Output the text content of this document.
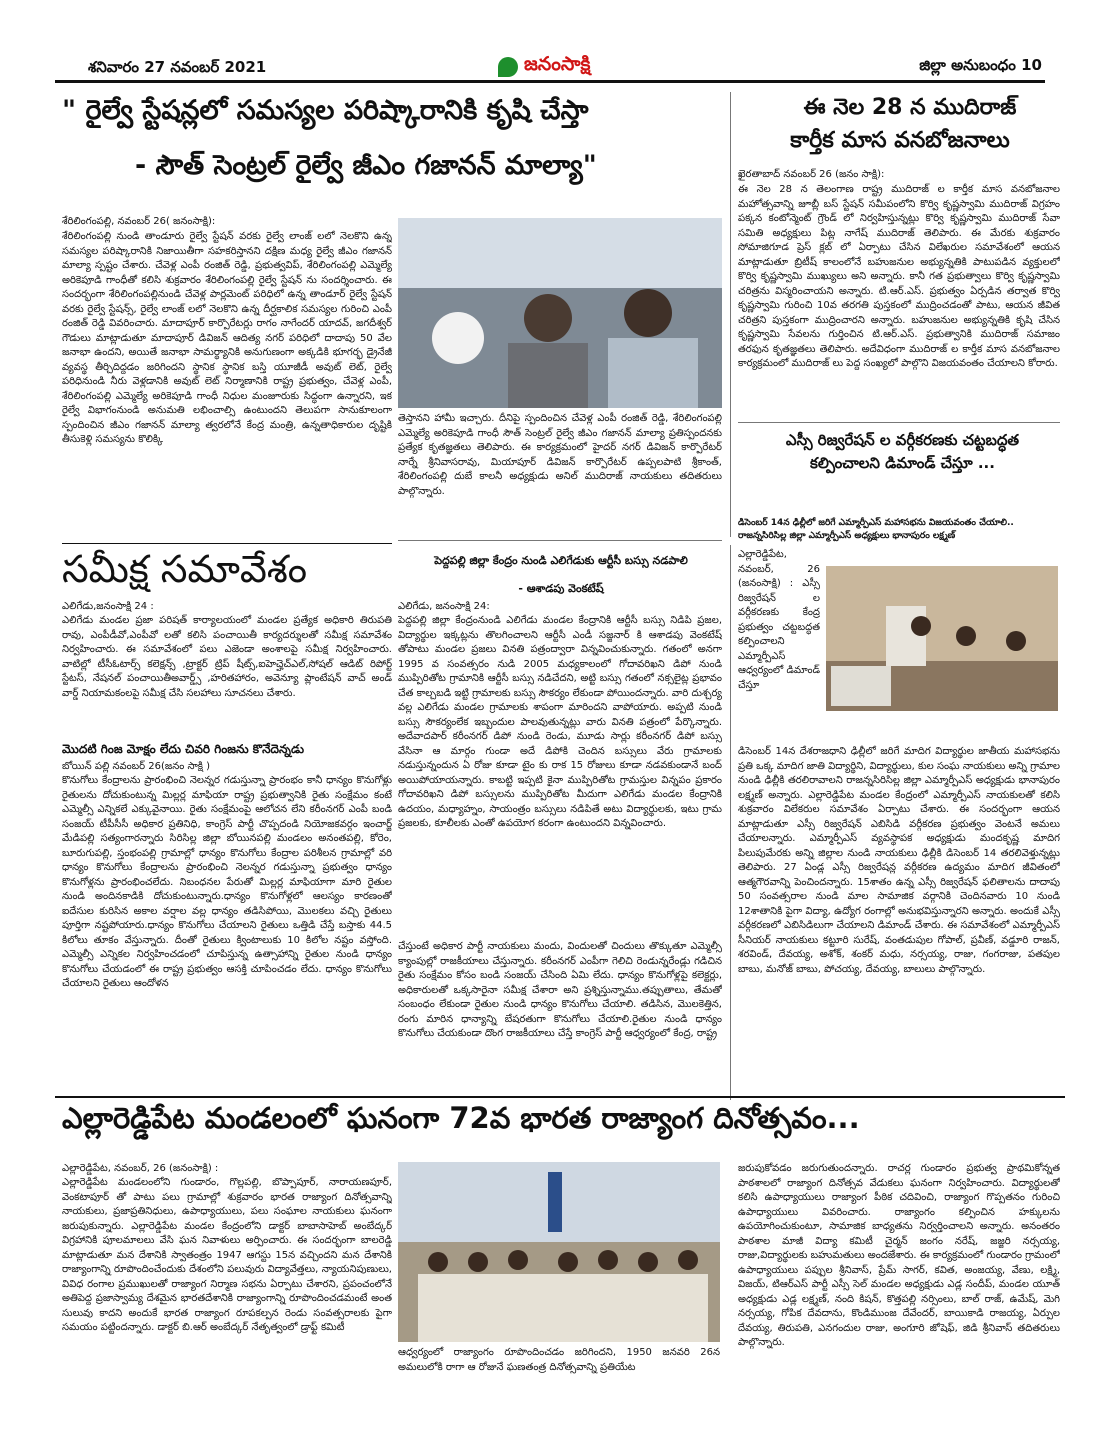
శనివారం 27 నవంబర్ 2021	జనంసాక్షి	జిల్లా అనుబంధం 10
" రైల్వే స్టేషన్లలో సమస్యల పరిష్కారానికి కృషి చేస్తా
- సౌత్ సెంట్రల్ రైల్వే జీఎం గజానన్ మాల్యా"
శేరిలింగంపల్లి, నవంబర్ 26( జనంసాక్షి):
శేరిలింగంపల్లి నుండి తాండూరు రైల్వే స్టేషన్ వరకు రైల్వే లాంజ్ లలో నెలకొని ఉన్న సమస్యల పరిష్కారానికి నిజాయితీగా సహకరిస్తానని దక్షిణ మధ్య రైల్వే జీఎం గజానన్ మాల్యా స్పష్టం చేశారు. చేవెళ్ల ఎంపీ రంజిత్ రెడ్డి, ప్రభుత్వవిప్, శేరిలింగంపల్లి ఎమ్మెల్యే అరికెపూడి గాంధీతో కలిసి శుక్రవారం శేరిలింగంపల్లి రైల్వే స్టేషన్ ను సందర్శించారు. ఈ సందర్భంగా శేరిలింగంపల్లినుండి చేవెళ్ల పార్లమెంట్ పరిధిలో ఉన్న తాండూర్ రైల్వే స్టేషన్ వరకు రైల్వే స్టేషన్స్, రైల్వే లాంజ్ లలో నెలకొని ఉన్న దీర్ఘకాలిక సమస్యల గురించి ఎంపీ రంజిత్ రెడ్డి వివరించారు. మాదాపూర్ కార్పొరేటర్లు రాగం నాగేందర్ యాదవ్, జగదీశ్వర్ గౌడులు మాట్లాడుతూ మాదాపూర్ డివిజన్ ఆదిత్య నగర్ పరిధిలో దాదాపు 50 వేల జనాభా ఉందని, అయితే జనాభా సామర్థ్యానికి అనుగుణంగా అక్కడికి భూగర్భ డ్రైనేజీ వ్యవస్థ తీర్చిదిద్దడం జరిగిందని స్థానిక స్థానిక బస్తి యూజీడీ అవుట్ లెట్, రైల్వే పరిధినుండి నీరు వెళ్లడానికి అవుట్ లెట్ నిర్మాణానికి రాష్ట్ర ప్రభుత్వం, చేవెళ్ల ఎంపీ, శేరిలింగంపల్లి ఎమ్మెల్యే అరికెపూడి గాంధీ నిధుల మంజూరుకు సిద్ధంగా ఉన్నారని, ఇక రైల్వే విభాగంనుండి అనుమతి లభించాల్సి ఉంటుందని తెలుపగా సానుకూలంగా స్పందించిన జీఎం గజానన్ మాల్యా త్వరలోనే కేంద్ర మంత్రి, ఉన్నతాధికారుల దృష్టికి తీసుకెళ్లి సమస్యను కొలిక్కి
తెస్తానని హామీ ఇచ్చారు. దీనిపై స్పందించిన చేవెళ్ల ఎంపీ రంజిత్ రెడ్డి, శేరిలింగంపల్లి ఎమ్మెల్యే అరికెపూడి గాంధీ సౌత్ సెంట్రల్ రైల్వే జీఎం గజానన్ మాల్యా ప్రతిస్పందనకు ప్రత్యేక కృతజ్ఞతలు తెలిపారు. ఈ కార్యక్రమంలో హైదర్ నగర్ డివిజన్ కార్పొరేటర్ నార్నే శ్రీనివాసరావు, మియాపూర్ డివిజన్ కార్పొరేటర్ ఉప్పలపాటి శ్రీకాంత్, శేరిలింగంపల్లి దుబే కాలనీ అధ్యక్షుడు అనిల్ ముదిరాజ్ నాయకులు తదితరులు పాల్గొన్నారు.
ఈ నెల 28 న ముదిరాజ్
కార్తీక మాస వనబోజనాలు
ఖైరతాబాద్ నవంబర్ 26 (జనం సాక్షి):
ఈ నెల 28 న తెలంగాణ రాష్ట్ర ముదిరాజ్ ల కార్తీక మాస వనబోజనాల మహోత్సవాన్ని జూబ్లీ బస్ స్టేషన్ సమీపంలోని కొర్వి కృష్ణస్వామి ముదిరాజ్ విగ్రహం పక్కన కంటోన్మెంట్ గ్రౌండ్ లో నిర్వహిస్తున్నట్లు కొర్వి కృష్ణస్వామి ముదిరాజ్ సేవా సమితి అధ్యక్షులు పిట్ల నాగేష్ ముదిరాజ్ తెలిపారు. ఈ మేరకు శుక్రవారం సోమాజిగూడ ప్రెస్ క్లబ్ లో ఏర్పాటు చేసిన విలేఖరుల సమావేశంలో ఆయన మాట్లాడుతూ బ్రిటీష్ కాలంలోనే బహుజనుల అభ్యున్నతికి పాటుపడిన వ్యక్తులలో కొర్వి కృష్ణస్వామి ముఖ్యులు అని అన్నారు. కానీ గత ప్రభుత్వాలు కొర్వి కృష్ణస్వామి చరిత్రను విస్మరించాయని అన్నారు. టి.ఆర్.ఎస్. ప్రభుత్వం ఏర్పడిన తర్వాత కొర్వి కృష్ణస్వామి గురించి 10వ తరగతి పుస్తకంలో ముద్రించడంతో పాటు, ఆయన జీవిత చరిత్రని పుస్తకంగా ముద్రించారని అన్నారు. బహుజనుల అభ్యున్నతికి కృషి చేసిన కృష్ణస్వామి సేవలను గుర్తించిన టి.ఆర్.ఎస్. ప్రభుత్వానికి ముదిరాజ్ సమాజం తరఫున కృతజ్ఞతలు తెలిపారు. అదేవిధంగా ముదిరాజ్ ల కార్తీక మాస వనబోజనాల కార్యక్రమంలో ముదిరాజ్ లు పెద్ద సంఖ్యలో పాల్గొని విజయవంతం చేయాలని కోరారు.
ఎస్సీ రిజ్వరేషన్ ల వర్గీకరణకు చట్టబద్ధత
కల్పించాలని డిమాండ్ చేస్తూ ...
డిసెంబర్ 14న ఢిల్లీలో జరిగే ఎమ్మార్పీఎస్ మహాసభను విజయవంతం చేయాలి..
రాజన్నసిరిసిల్ల జిల్లా ఎమ్మార్పీఎస్ అధ్యక్షులు భానాపురం లక్ష్మణ్
ఎల్లారెడ్డిపేట, నవంబర్, 26 (జనంసాక్షి) : ఎస్సీ రిజ్వరేషన్ ల వర్గీకరణకు కేంద్ర ప్రభుత్వం చట్టబద్ధత కల్పించాలని ఎమ్మార్పీఎస్ ఆధ్వర్యంలో డిమాండ్ చేస్తూ
డిసెంబర్ 14న దేశరాజధాని ఢిల్లీలో జరిగే మాదిగ విద్యార్థుల జాతీయ మహాసభను ప్రతి ఒక్క మాదిగ జాతి విద్యార్థిని, విద్యార్థులు, కుల సంఘ నాయకులు అన్ని గ్రామాల నుండి ఢిల్లీకి తరలిరావాలని రాజన్నసిరిసిల్ల జిల్లా ఎమ్మార్పీఎస్ అధ్యక్షుడు భానాపురం లక్ష్మణ్ అన్నారు. ఎల్లారెడ్డిపేట మండల కేంద్రంలో ఎమ్మార్పీఎస్ నాయకులతో కలిసి శుక్రవారం విలేకరుల సమావేశం ఏర్పాటు చేశారు. ఈ సందర్భంగా ఆయన మాట్లాడుతూ ఎస్సీ రిజ్వరేషన్ ఎబిసిడి వర్గీకరణ ప్రభుత్వం వెంటనే అమలు చేయాలన్నారు. ఎమ్మార్పీఎస్ వ్యవస్థాపక అధ్యక్షుడు మందకృష్ణ మాదిగ పిలుపుమేరకు అన్ని జిల్లాల నుండి నాయకులు ఢిల్లీకి డిసెంబర్ 14 తరలివెళ్తున్నట్లు తెలిపారు. 27 ఏండ్ల ఎస్సీ రిజ్వరేషన్ల వర్గీకరణ ఉద్యమం మాదిగ జీవితంలో ఆత్మగౌరవాన్ని పెంచిందన్నారు. 15శాతం ఉన్న ఎస్సీ రిజ్వరేషన్ ఫలితాలను దాదాపు 50 సంవత్సరాల నుండి మాల సామాజిక వర్గానికి చెందినవారు 10 నుండి 12శాతానికి పైగా విద్యా, ఉద్యోగ రంగాల్లో అనుభవిస్తున్నారని అన్నారు. అందుకే ఎస్సీ వర్గీకరణలో ఎబిసిడిలుగా చేయాలని డిమాండ్ చేశారు. ఈ సమావేశంలో ఎమ్మార్పీఎస్ సీనియర్ నాయకులు కట్టూరి సురేష్, వంతడుపుల గోపాల్, ప్రవీణ్, వడ్డూరి రాజన్, శరవిండ్, దేవయ్య, అశోక్, శంకర్ మధు, నర్సయ్య, రాజు, గంగరాజు, పతపుల బాబు, మనోజ్ బాబు, పోచయ్య, దేవయ్య, బాలులు పాల్గొన్నారు.
సమీక్ష సమావేశం
ఎలిగేడు,జనంసాక్షి 24 :
ఎలిగేడు మండల ప్రజా పరిషత్ కార్యాలయంలో మండల ప్రత్యేక అధికారి తిరుపతి రావు, ఎంపీడీవో,ఎంపీవో లతో కలిసి పంచాయితీ కార్యదర్శులతో సమీక్ష సమావేశం నిర్వహించారు. ఈ సమావేశంలో పలు ఎజెండా అంశాలపై సమీక్ష నిర్వహించారు. వాటిల్లో టీసీఓటార్స్ కలెక్షన్స్ ,ట్రాక్టర్ ట్రిప్ షీట్స్,ఐహెచ్హెచ్ఎల్,సోషల్ ఆడిట్ రిపోర్ట్ స్టేటస్, నేషనల్ పంచాయితీఅవార్డ్స్ ,హరితహారం, అవెన్యూ ప్లాంటేషన్ వాచ్ అండ్ వార్డ్ నియామకంలపై సమీక్ష చేసి సలహాలు సూచనలు చేశారు.
మొదటి గింజ మోక్షం లేదు చివరి గింజను కొనేదెన్నడు
బోయిన్ పల్లి నవంబర్ 26(జనం సాక్షి )
కొనుగోలు కేంద్రాలను ప్రారంభించి నెలన్నర గడుస్తున్నా ప్రారంభం కానీ ధాన్యం కొనుగోళ్లు రైతులను దోచుకుంటున్న మిల్లర్ల మాఫియా రాష్ట్ర ప్రభుత్వానికి రైతు సంక్షేమం కంటే ఎమ్మెల్సీ ఎన్నికలే ఎక్కువైనాయి. రైతు సంక్షేమంపై ఆలోచన లేని కరీంనగర్ ఎంపీ బండి సంజయ్ టీపీసీసీ అధికార ప్రతినిధి, కాంగ్రెస్ పార్టీ చొప్పదండి నియోజకవర్గం ఇంచార్జ్ మేడిపల్లి సత్యంగారన్నారు సిరిసిల్ల జిల్లా బోయినపల్లి మండలం అనంతపల్లి, కోరెం, బూరుగుపల్లి, స్తంభంపల్లి గ్రామాల్లో ధాన్యం కొనుగోలు కేంద్రాల పరిశీలన గ్రామాల్లో వరి ధాన్యం కొనుగోలు కేంద్రాలను ప్రారంభించి నెలన్నర గడుస్తున్నా ప్రభుత్వం ధాన్యం కొనుగోళ్లను ప్రారంభించలేదు. నిబంధనల పేరుతో మిల్లర్ల మాఫియాగా మారి రైతుల నుండి అందినకాడికి దోచుకుంటున్నారు.ధాన్యం కొనుగోళ్లలో ఆలస్యం కారణంతో ఐదేసుల కురిసిన అకాల వర్షాల వల్ల ధాన్యం తడిసిపోయి, మొలకలు వచ్చి రైతులు పూర్తిగా నష్టపోయారు.ధాన్యం కొనుగోలు చేయాలని రైతులు ఒత్తిడి చేస్తే బస్తాకు 44.5 కిలోలు తూకం వేస్తున్నారు. దీంతో రైతులు క్వింటాలుకు 10 కిలోల నష్టం వస్తోంది. ఎమ్మెల్సీ ఎన్నికల నిర్వహించడంలో చూపిస్తున్న ఉత్సాహాన్ని రైతుల నుండి ధాన్యం కొనుగోలు చేయడంలో ఈ రాష్ట్ర ప్రభుత్వం ఆసక్తి చూపించడం లేదు. ధాన్యం కొనుగోలు చేయాలని రైతులు ఆందోళన
పెద్దపల్లి జిల్లా కేంద్రం నుండి ఎలిగేడుకు ఆర్టీసీ బస్సు నడపాలి
- ఆశాడపు వెంకటేష్
ఎలిగేడు, జనంసాక్షి 24:
పెద్దపల్లి జిల్లా కేంద్రంనుండి ఎలిగేడు మండల కేంద్రానికి ఆర్టీసీ బస్సు నిడిపి ప్రజల, విద్యార్థుల ఇక్కట్లను తొలగించాలని ఆర్టీసీ ఎండీ సజ్జనార్ కి ఆశాడపు వెంకటేష్ తోపాటు మండల ప్రజలు వినతి పత్రంద్వారా విన్నవించుకున్నారు. గతంలో అనగా 1995 వ సంవత్సరం నుడి 2005 మధ్యకాలంలో గోదావరిఖని డిపో నుండి ముప్పిరితోట గ్రామానికి ఆర్టీసీ బస్సు నడిచేదని, అట్టి బస్సు గతంలో నక్సలైట్ల ప్రభావం చేత కాల్చబడి ఇట్టి గ్రామాలకు బస్సు సౌకర్యం లేకుండా పోయిందన్నారు. వారి దుశ్చర్య వల్ల ఎలిగేడు మండల గ్రామాలకు శాపంగా మారిందని వాపోయారు. అప్పటి నుండి బస్సు సౌకర్యంలేక ఇబ్బందుల పాలవుతున్నట్లు వారు వినతి పత్రంలో పేర్కొన్నారు. అదేవాదపార్ కరీంనగర్ డిపో నుండి రెండు, మూడు సార్లు కరీంనగర్ డిపో బస్సు వేసినా ఆ మార్గం గుండా అదే డిపోకి చెందిన బస్సులు వేరు గ్రామాలకు నడుస్తున్నందున ఏ రోజు కూడా టైం కు రాక 15 రోజులు కూడా నడవకుండానే బంద్ అయిపోయాయన్నారు. కాబట్టి ఇప్పటి కైనా ముప్పిరితోట గ్రామస్తుల విన్నపం ప్రకారం గోదావరిఖని డిపో బస్సులను ముప్పిరితోట మీదుగా ఎలిగేడు మండల కేంద్రానికి ఉదయం, మధ్యాహ్నం, సాయంత్రం బస్సులు నడిపితే అటు విద్యార్థులకు, ఇటు గ్రామ ప్రజలకు, కూలీలకు ఎంతో ఉపయోగ కరంగా ఉంటుందని విన్నవించారు.
చేస్తుంటే అధికార పార్టీ నాయకులు మందు, విందులతో చిందులు తొక్కుతూ ఎమ్మెల్సీ క్యాంపుల్లో రాజకీయాలు చేస్తున్నారు. కరీంనగర్ ఎంపీగా గెలిచి రెండున్నరేండ్లు గడిచిన రైతు సంక్షేమం కోసం బండి సంజయ్ చేసింది ఏమి లేదు. ధాన్యం కొనుగోళ్లపై కలెక్టర్లు, అధికారులతో ఒక్కసారైనా సమీక్ష చేశారా అని ప్రశ్నిస్తున్నాము.తప్పుతాలు, తేమతో సంబంధం లేకుండా రైతుల నుండి ధాన్యం కొనుగోలు చేయాలి. తడిసిన, మొలకెత్తిన, రంగు మారిన ధాన్యాన్ని బేషరతుగా కొనుగోలు చేయాలి.రైతుల నుండి ధాన్యం కొనుగోలు చేయకుండా దొంగ రాజకీయాలు చేస్తే కాంగ్రెస్ పార్టీ ఆధ్వర్యంలో కేంద్ర, రాష్ట్ర
ఎల్లారెడ్డిపేట మండలంలో ఘనంగా 72వ భారత రాజ్యాంగ దినోత్సవం...
ఎల్లారెడ్డిపేట, నవంబర్, 26 (జనంసాక్షి) :
ఎల్లారెడ్డిపేట మండలంలోని గుండారం, గొల్లపల్లి, బొప్పాపూర్, నారాయణపూర్, వెంకటాపూర్ తో పాటు పలు గ్రామాల్లో శుక్రవారం భారత రాజ్యాంగ దినోత్సవాన్ని నాయకులు, ప్రజాప్రతినిధులు, ఉపాధ్యాయులు, పలు సంఘాల నాయకులు ఘనంగా జరుపుకున్నారు. ఎల్లారెడ్డిపేట మండల కేంద్రంలోని డాక్టర్ బాబాసాహెబ్ అంబేద్కర్ విగ్రహానికి పూలమాలలు వేసి ఘన నివాళులు అర్పించారు. ఈ సందర్భంగా బాలరెడ్డి మాట్లాడుతూ మన దేశానికి స్వాతంత్రం 1947 ఆగస్టు 15న వచ్చిందని మన దేశానికి రాజ్యాంగాన్ని రూపొందించేందుకు దేశంలోని పలువురు విద్యావేత్తలు, న్యాయనిపుణులు, వివిధ రంగాల ప్రముఖులతో రాజ్యాంగ నిర్మాణ సభను ఏర్పాటు చేశారని, ప్రపంచంలోనే అతిపెద్ద ప్రజాస్వామ్య దేశమైన భారతదేశానికి రాజ్యాంగాన్ని రూపొందించడమంటే అంత సులువు కాదని అందుకే భారత రాజ్యాంగ రూపకల్పన రెండు సంవత్సరాలకు పైగా సమయం పట్టిందన్నారు. డాక్టర్ బి.ఆర్ అంబేద్కర్ నేతృత్వంలో డ్రాఫ్ట్ కమిటీ
ఆధ్వర్యంలో రాజ్యాంగం రూపొందించడం జరిగిందని, 1950 జనవరి 26న అమలులోకి రాగా ఆ రోజునే ఘణతంత్ర దినోత్సవాన్ని ప్రతియేట
జరుపుకోవడం జరుగుతుందన్నారు. రాచర్ల గుండారం ప్రభుత్వ ప్రాథమికోన్నత పాఠశాలలో రాజ్యాంగ దినోత్సవ వేడుకలు ఘనంగా నిర్వహించారు. విద్యార్థులతో కలిసి ఉపాధ్యాయులు రాజ్యాంగ పీఠిక చదివించి, రాజ్యాంగ గొప్పతనం గురించి ఉపాధ్యాయులు వివరించారు. రాజ్యాంగం కల్పించిన హక్కులను ఉపయోగించుకుంటూ, సామాజిక బాధ్యతను నిర్వర్తించాలని అన్నారు. అనంతరం పాఠశాల మాజీ విద్యా కమిటీ చైర్మన్ జంగం నరేష్, జజ్జరి నర్సయ్య, రాజు,విద్యార్థులకు బహుమతులు అందజేశారు. ఈ కార్యక్రమంలో గుండారం గ్రామంలో ఉపాధ్యాయులు పప్పుల శ్రీనివాస్, ప్రేమ్ సాగర్, కవిత, అంజయ్య, వేణు, లక్ష్మి, విజయ్, టిఆర్ఎస్ పార్టీ ఎస్సీ సెల్ మండల అధ్యక్షుడు ఎడ్ల సందీప్, మండల యూత్ అధ్యక్షుడు ఎడ్ల లక్ష్మణ్, నంది కిషన్, కొత్తపల్లి నర్సింలు, బాల్ రాజ్, ఉమేష్, మెగి నర్సయ్య, గోపిక దేవదాను, కొండిముంజ దేవేందర్, బాయికాడి రాజయ్య, ఏర్పుల దేవయ్య, తిరుపతి, ఎనగందుల రాజు, అంగూరి జోషెఫ్, జిడి శ్రీనివాస్ తదితరులు పాల్గొన్నారు.
